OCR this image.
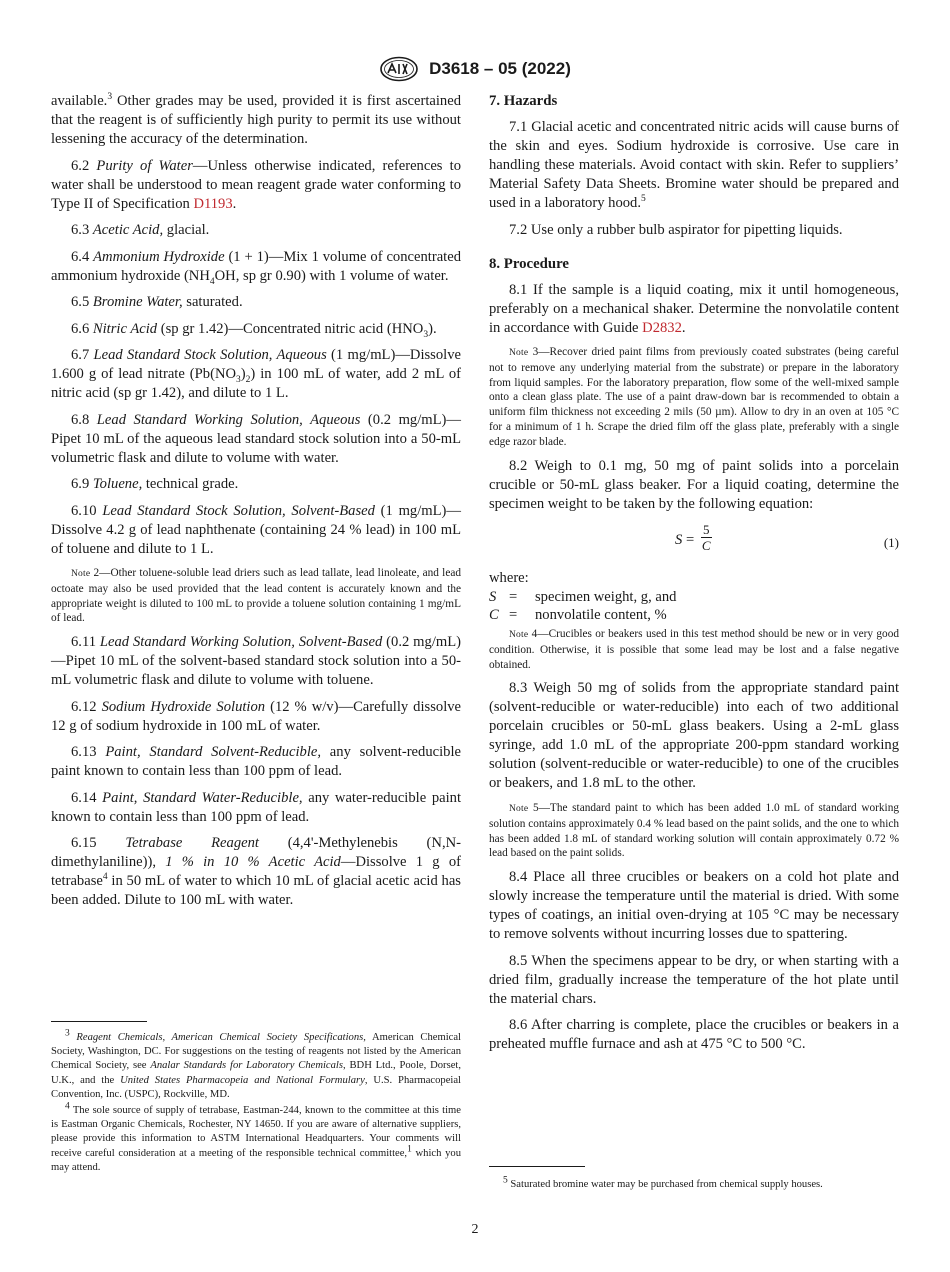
D3618 – 05 (2022)

available.$^3$ Other grades may be used, provided it is first ascertained that the reagent is of sufficiently high purity to permit its use without lessening the accuracy of the determination.

6.2 Purity of Water—Unless otherwise indicated, references to water shall be understood to mean reagent grade water conforming to Type II of Specification D1193.

6.3 Acetic Acid, glacial.

6.4 Ammonium Hydroxide (1 + 1)—Mix 1 volume of concentrated ammonium hydroxide ($NH_4OH$, sp gr 0.90) with 1 volume of water.

6.5 Bromine Water, saturated.

6.6 Nitric Acid (sp gr 1.42)—Concentrated nitric acid $(HNO_3)$.

6.7 Lead Standard Stock Solution, Aqueous (1 mg/mL)—Dissolve 1.600 g of lead nitrate $(Pb(NO_3)_2)$ in 100 mL of water, add 2 mL of nitric acid (sp gr 1.42), and dilute to 1 L.

6.8 Lead Standard Working Solution, Aqueous (0.2 mg/mL)—Pipet 10 mL of the aqueous lead standard stock solution into a 50-mL volumetric flask and dilute to volume with water.

6.9 Toluene, technical grade.

6.10 Lead Standard Stock Solution, Solvent-Based (1 mg/mL)—Dissolve 4.2 g of lead naphthenate (containing 24 % lead) in 100 mL of toluene and dilute to 1 L.

Note 2—Other toluene-soluble lead driers such as lead tallate, lead linoleate, and lead octoate may also be used provided that the lead content is accurately known and the appropriate weight is diluted to 100 mL to provide a toluene solution containing 1 mg/mL of lead.

6.11 Lead Standard Working Solution, Solvent-Based (0.2 mg/mL)—Pipet 10 mL of the solvent-based standard stock solution into a 50-mL volumetric flask and dilute to volume with toluene.

6.12 Sodium Hydroxide Solution (12 % w/v)—Carefully dissolve 12 g of sodium hydroxide in 100 mL of water.

6.13 Paint, Standard Solvent-Reducible, any solvent-reducible paint known to contain less than 100 ppm of lead.

6.14 Paint, Standard Water-Reducible, any water-reducible paint known to contain less than 100 ppm of lead.

6.15 Tetrabase Reagent (4,4'-Methylenebis (N,N-dimethylaniline)), 1 % in 10 % Acetic Acid—Dissolve 1 g of tetrabase$^4$ in 50 mL of water to which 10 mL of glacial acetic acid has been added. Dilute to 100 mL with water.

$^3$ Reagent Chemicals, American Chemical Society Specifications, American Chemical Society, Washington, DC. For suggestions on the testing of reagents not listed by the American Chemical Society, see Analar Standards for Laboratory Chemicals, BDH Ltd., Poole, Dorset, U.K., and the United States Pharmacopeia and National Formulary, U.S. Pharmacopeial Convention, Inc. (USPC), Rockville, MD.

$^4$ The sole source of supply of tetrabase, Eastman-244, known to the committee at this time is Eastman Organic Chemicals, Rochester, NY 14650. If you are aware of alternative suppliers, please provide this information to ASTM International Headquarters. Your comments will receive careful consideration at a meeting of the responsible technical committee,$^1$ which you may attend.

7. Hazards

7.1 Glacial acetic and concentrated nitric acids will cause burns of the skin and eyes. Sodium hydroxide is corrosive. Use care in handling these materials. Avoid contact with skin. Refer to suppliers’ Material Safety Data Sheets. Bromine water should be prepared and used in a laboratory hood.$^5$

7.2 Use only a rubber bulb aspirator for pipetting liquids.

8. Procedure

8.1 If the sample is a liquid coating, mix it until homogeneous, preferably on a mechanical shaker. Determine the nonvolatile content in accordance with Guide D2832.

Note 3—Recover dried paint films from previously coated substrates (being careful not to remove any underlying material from the substrate) or prepare in the laboratory from liquid samples. For the laboratory preparation, flow some of the well-mixed sample onto a clean glass plate. The use of a paint draw-down bar is recommended to obtain a uniform film thickness not exceeding 2 mils (50 µm). Allow to dry in an oven at 105 °C for a minimum of 1 h. Scrape the dried film off the glass plate, preferably with a single edge razor blade.

8.2 Weigh to 0.1 mg, 50 mg of paint solids into a porcelain crucible or 50-mL glass beaker. For a liquid coating, determine the specimen weight to be taken by the following equation:

$S = \frac{5}{C}$	(1)

where:

S =	specimen weight, g, and
C =	nonvolatile content, %

Note 4—Crucibles or beakers used in this test method should be new or in very good condition. Otherwise, it is possible that some lead may be lost and a false negative obtained.

8.3 Weigh 50 mg of solids from the appropriate standard paint (solvent-reducible or water-reducible) into each of two additional porcelain crucibles or 50-mL glass beakers. Using a 2-mL glass syringe, add 1.0 mL of the appropriate 200-ppm standard working solution (solvent-reducible or water-reducible) to one of the crucibles or beakers, and 1.8 mL to the other.

Note 5—The standard paint to which has been added 1.0 mL of standard working solution contains approximately 0.4 % lead based on the paint solids, and the one to which has been added 1.8 mL of standard working solution will contain approximately 0.72 % lead based on the paint solids.

8.4 Place all three crucibles or beakers on a cold hot plate and slowly increase the temperature until the material is dried. With some types of coatings, an initial oven-drying at 105 °C may be necessary to remove solvents without incurring losses due to spattering.

8.5 When the specimens appear to be dry, or when starting with a dried film, gradually increase the temperature of the hot plate until the material chars.

8.6 After charring is complete, place the crucibles or beakers in a preheated muffle furnace and ash at 475 °C to 500 °C.

$^5$ Saturated bromine water may be purchased from chemical supply houses.

2
